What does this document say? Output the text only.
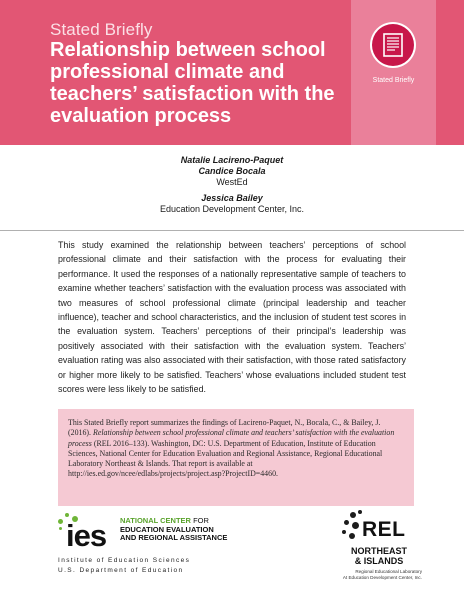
Stated Briefly
Relationship between school professional climate and teachers’ satisfaction with the evaluation process
Stated Briefly
Natalie Lacireno-Paquet
Candice Bocala
WestEd
Jessica Bailey
Education Development Center, Inc.
This study examined the relationship between teachers’ perceptions of school professional climate and their satisfaction with the process for evaluating their performance. It used the responses of a nationally representative sample of teachers to examine whether teachers’ satisfaction with the evaluation process was associated with two measures of school professional climate (principal leadership and teacher influence), teacher and school characteristics, and the inclusion of student test scores in the evaluation system. Teachers’ perceptions of their principal’s leadership was positively associated with their satisfaction with the evaluation system. Teachers’ evaluation rating was also associated with their satisfaction, with those rated satisfactory or higher more likely to be satisfied. Teachers’ whose evaluations included student test scores were less likely to be satisfied.
This Stated Briefly report summarizes the findings of Lacireno-Paquet, N., Bocala, C., & Bailey, J. (2016). Relationship between school professional climate and teachers’ satisfaction with the evaluation process (REL 2016–133). Washington, DC: U.S. Department of Education, Institute of Education Sciences, National Center for Education Evaluation and Regional Assistance, Regional Educational Laboratory Northeast & Islands. That report is available at http://ies.ed.gov/ncee/edlabs/projects/project.asp?ProjectID=4460.
ies NATIONAL CENTER FOR
EDUCATION EVALUATION
AND REGIONAL ASSISTANCE
Institute of Education Sciences
U.S. Department of Education
REL
NORTHEAST
& ISLANDS
Regional Educational Laboratory
At Education Development Center, Inc.
